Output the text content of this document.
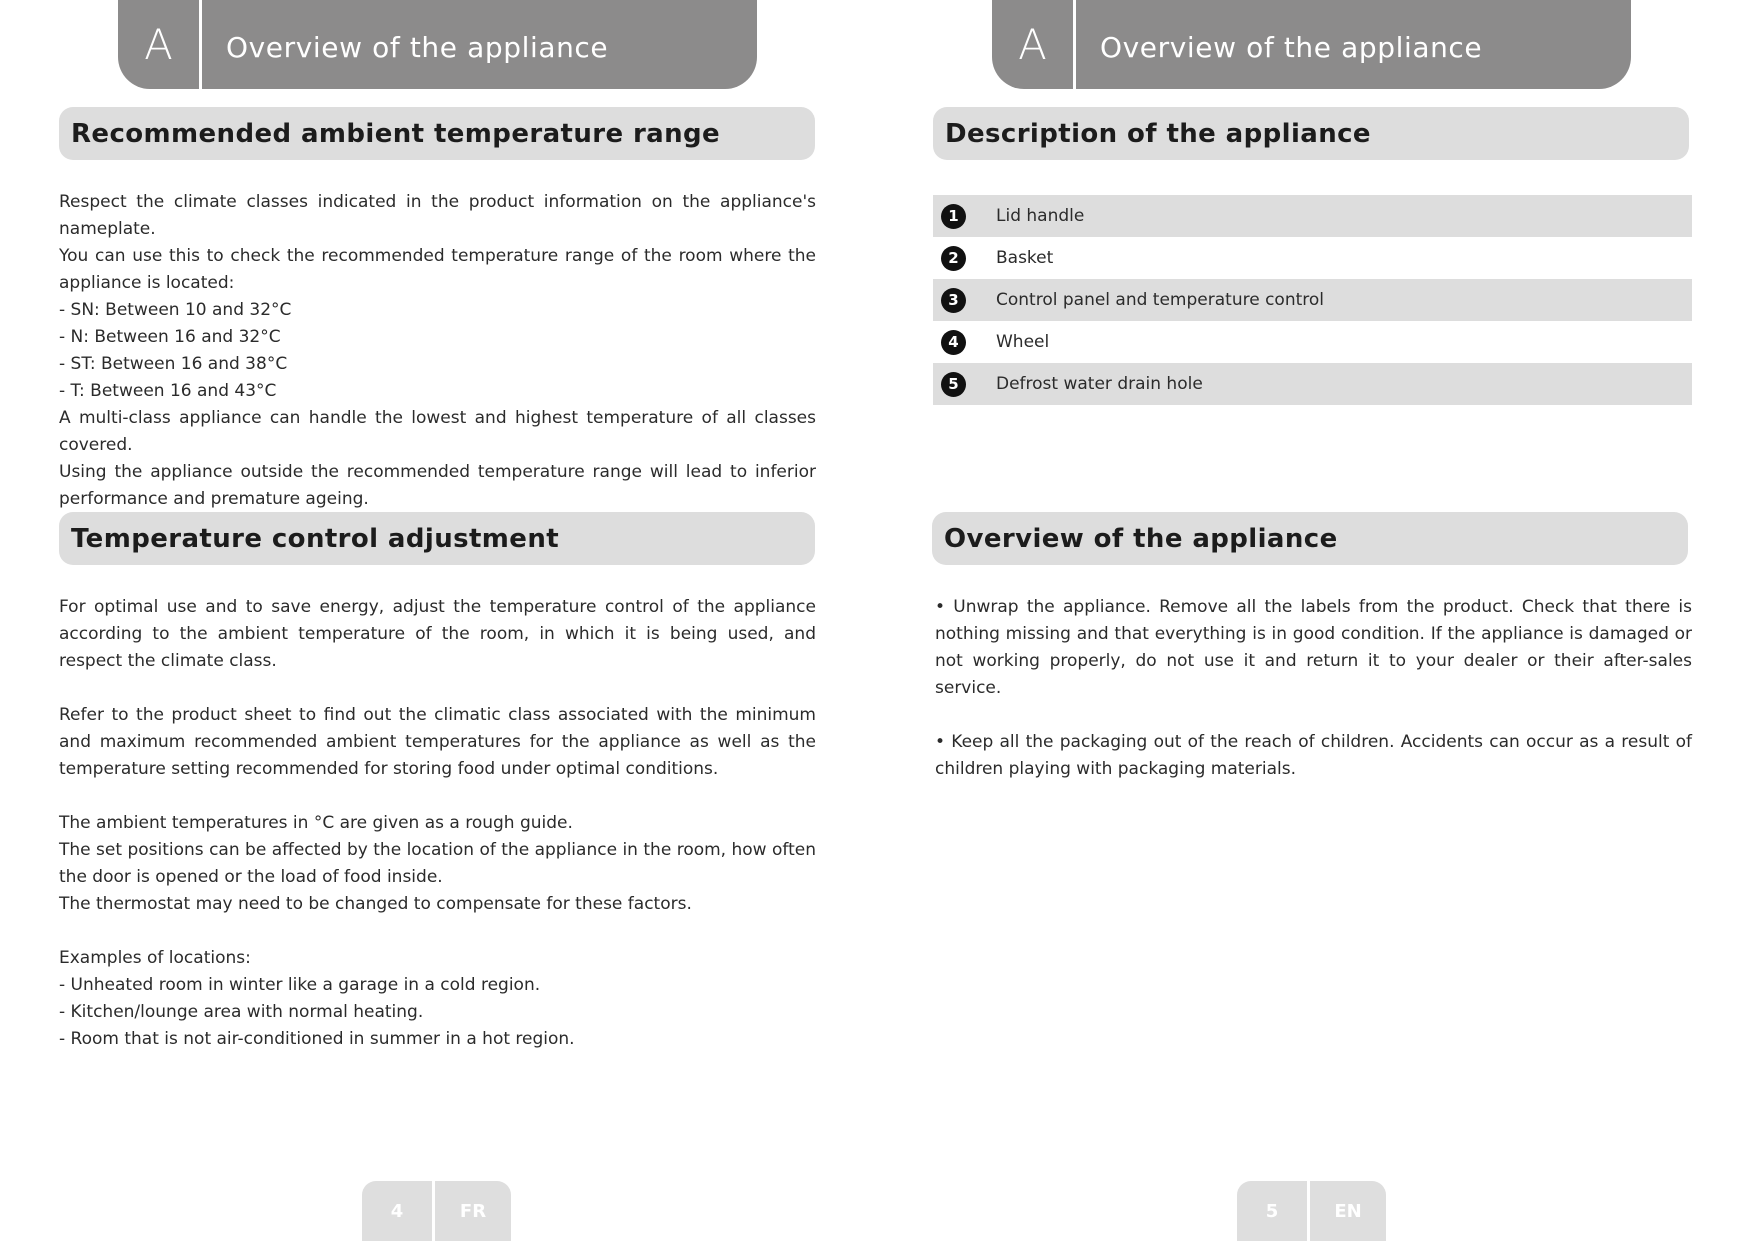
A	Overview of the appliance
Recommended ambient temperature range

Respect the climate classes indicated in the product information on the appliance's nameplate.

You can use this to check the recommended temperature range of the room where the appliance is located:

- SN: Between 10 and 32°C

- N: Between 16 and 32°C

- ST: Between 16 and 38°C

- T: Between 16 and 43°C

A multi-class appliance can handle the lowest and highest temperature of all classes covered.

Using the appliance outside the recommended temperature range will lead to inferior performance and premature ageing.

Temperature control adjustment

For optimal use and to save energy, adjust the temperature control of the appliance according to the ambient temperature of the room, in which it is being used, and respect the climate class.

Refer to the product sheet to find out the climatic class associated with the minimum and maximum recommended ambient temperatures for the appliance as well as the temperature setting recommended for storing food under optimal conditions.

The ambient temperatures in °C are given as a rough guide.

The set positions can be affected by the location of the appliance in the room, how often the door is opened or the load of food inside.

The thermostat may need to be changed to compensate for these factors.

Examples of locations:

- Unheated room in winter like a garage in a cold region.

- Kitchen/lounge area with normal heating.

- Room that is not air-conditioned in summer in a hot region.

4	FR
A	Overview of the appliance
Description of the appliance
1	Lid handle
2	Basket
3	Control panel and temperature control
4	Wheel
5	Defrost water drain hole
Overview of the appliance

• Unwrap the appliance. Remove all the labels from the product. Check that there is nothing missing and that everything is in good condition. If the appliance is damaged or not working properly, do not use it and return it to your dealer or their after-sales service.

• Keep all the packaging out of the reach of children. Accidents can occur as a result of children playing with packaging materials.

5	EN
